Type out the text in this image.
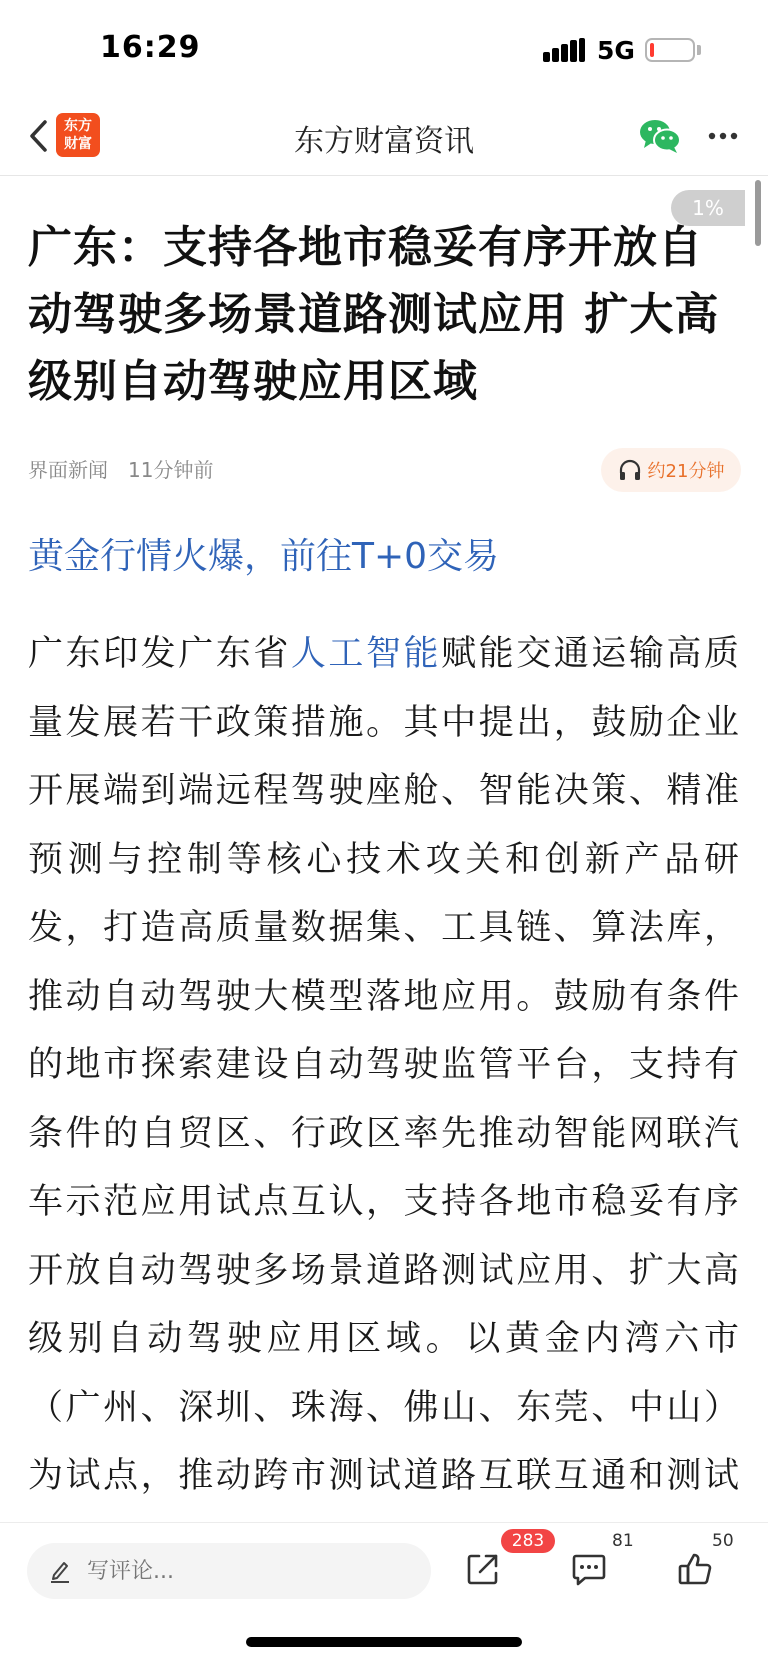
16:29	5G
东方
财富	东方财富资讯
1%
广东：支持各地市稳妥有序开放自动驾驶多场景道路测试应用 扩大高级别自动驾驶应用区域
界面新闻 11分钟前	约21分钟
黄金行情火爆，前往T+0交易

广东印发广东省人工智能赋能交通运输高质量发展若干政策措施。其中提出，鼓励企业开展端到端远程驾驶座舱、智能决策、精准预测与控制等核心技术攻关和创新产品研发，打造高质量数据集、工具链、算法库，推动自动驾驶大模型落地应用。鼓励有条件的地市探索建设自动驾驶监管平台，支持有条件的自贸区、行政区率先推动智能网联汽车示范应用试点互认，支持各地市稳妥有序开放自动驾驶多场景道路测试应用、扩大高级别自动驾驶应用区域。以黄金内湾六市（广州、深圳、珠海、佛山、东莞、中山）为试点，推动跨市测试道路互联互通和测试

写评论...
283	81	50
